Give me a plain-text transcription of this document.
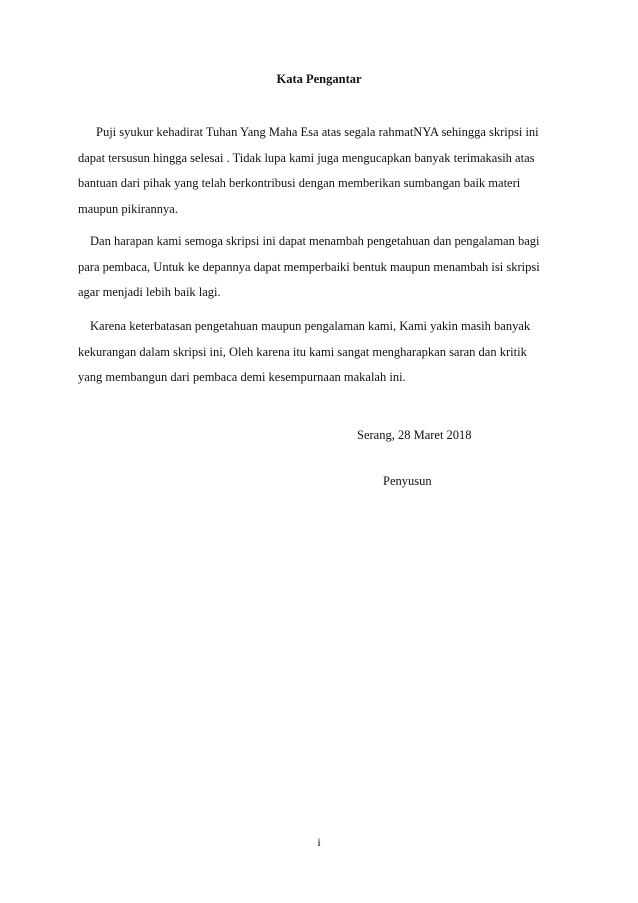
Kata Pengantar
Puji syukur kehadirat Tuhan Yang Maha Esa atas segala rahmatNYA sehingga skripsi ini
dapat tersusun hingga selesai . Tidak lupa kami juga mengucapkan banyak terimakasih atas
bantuan dari pihak yang telah berkontribusi dengan memberikan sumbangan baik materi
maupun pikirannya.
Dan harapan kami semoga skripsi ini dapat menambah pengetahuan dan pengalaman bagi
para pembaca, Untuk ke depannya dapat memperbaiki bentuk maupun menambah isi skripsi
agar menjadi lebih baik lagi.
Karena keterbatasan pengetahuan maupun pengalaman kami, Kami yakin masih banyak
kekurangan dalam skripsi ini, Oleh karena itu kami sangat mengharapkan saran dan kritik
yang membangun dari pembaca demi kesempurnaan makalah ini.
Serang, 28 Maret 2018
Penyusun
i
